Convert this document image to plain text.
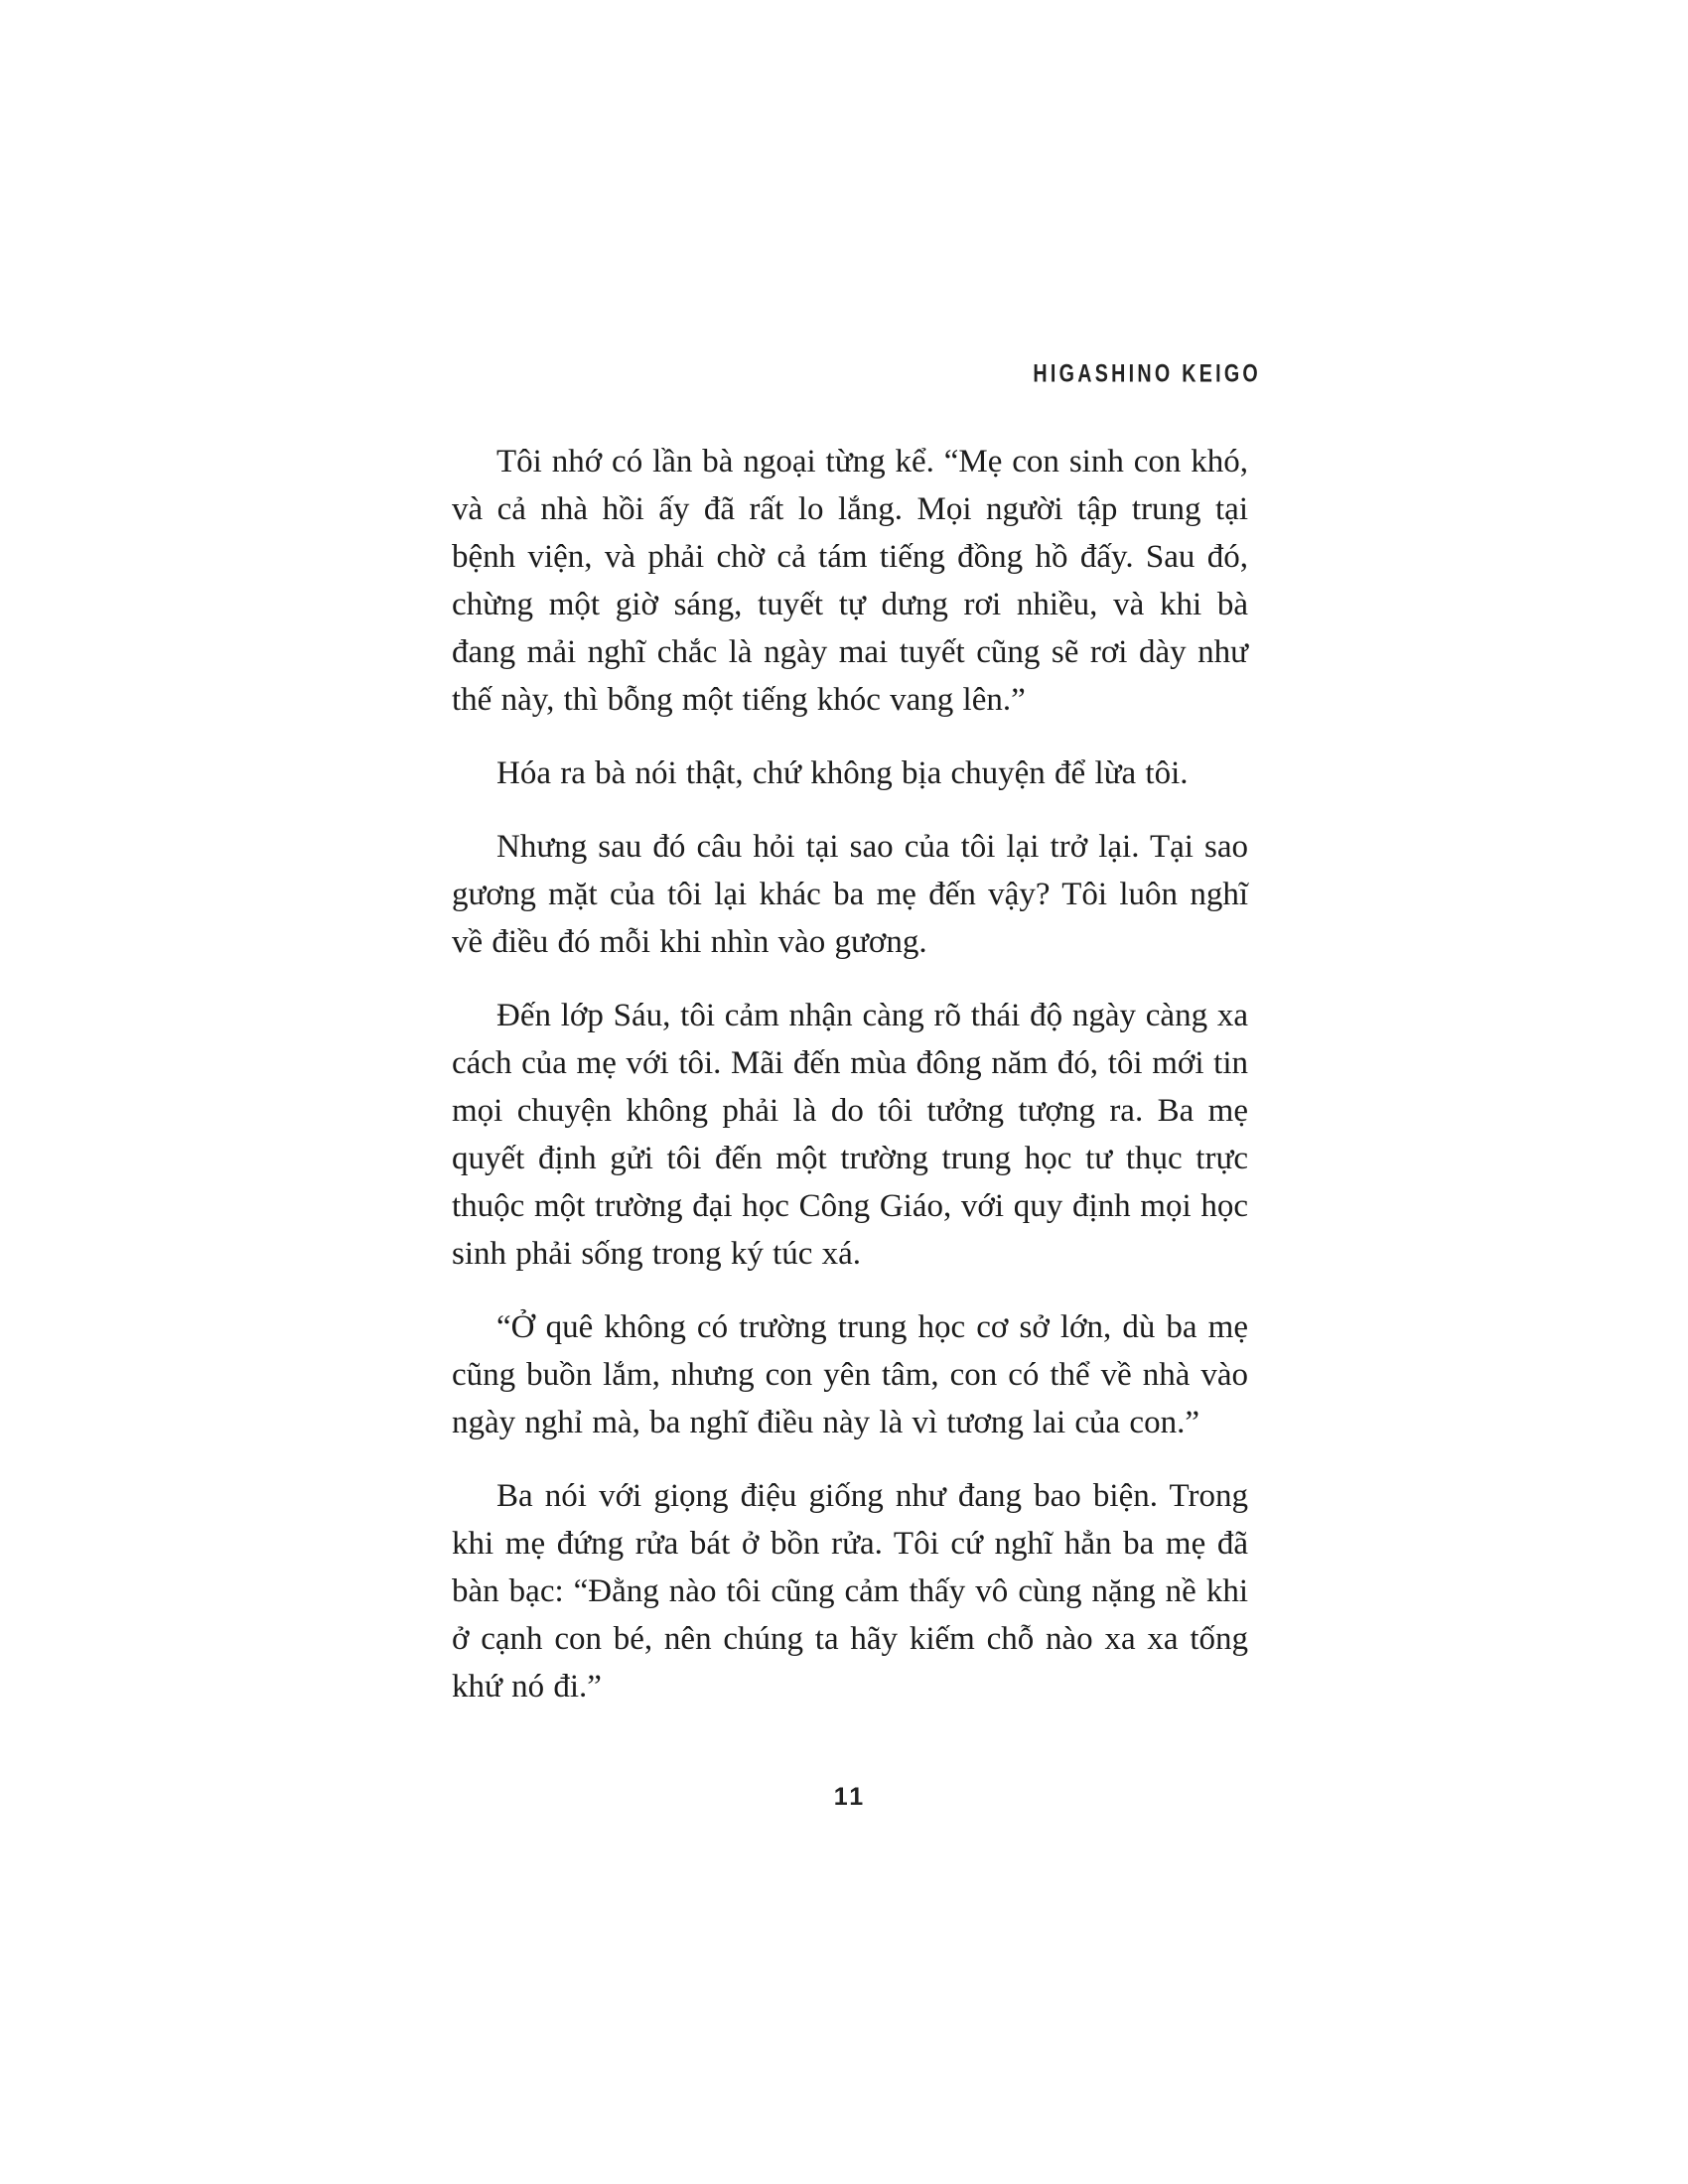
HIGASHINO KEIGO

Tôi nhớ có lần bà ngoại từng kể. “Mẹ con sinh con khó, và cả nhà hồi ấy đã rất lo lắng. Mọi người tập trung tại bệnh viện, và phải chờ cả tám tiếng đồng hồ đấy. Sau đó, chừng một giờ sáng, tuyết tự dưng rơi nhiều, và khi bà đang mải nghĩ chắc là ngày mai tuyết cũng sẽ rơi dày như thế này, thì bỗng một tiếng khóc vang lên.”

Hóa ra bà nói thật, chứ không bịa chuyện để lừa tôi.

Nhưng sau đó câu hỏi tại sao của tôi lại trở lại. Tại sao gương mặt của tôi lại khác ba mẹ đến vậy? Tôi luôn nghĩ về điều đó mỗi khi nhìn vào gương.

Đến lớp Sáu, tôi cảm nhận càng rõ thái độ ngày càng xa cách của mẹ với tôi. Mãi đến mùa đông năm đó, tôi mới tin mọi chuyện không phải là do tôi tưởng tượng ra. Ba mẹ quyết định gửi tôi đến một trường trung học tư thục trực thuộc một trường đại học Công Giáo, với quy định mọi học sinh phải sống trong ký túc xá.

“Ở quê không có trường trung học cơ sở lớn, dù ba mẹ cũng buồn lắm, nhưng con yên tâm, con có thể về nhà vào ngày nghỉ mà, ba nghĩ điều này là vì tương lai của con.”

Ba nói với giọng điệu giống như đang bao biện. Trong khi mẹ đứng rửa bát ở bồn rửa. Tôi cứ nghĩ hẳn ba mẹ đã bàn bạc: “Đằng nào tôi cũng cảm thấy vô cùng nặng nề khi ở cạnh con bé, nên chúng ta hãy kiếm chỗ nào xa xa tống khứ nó đi.”

11
